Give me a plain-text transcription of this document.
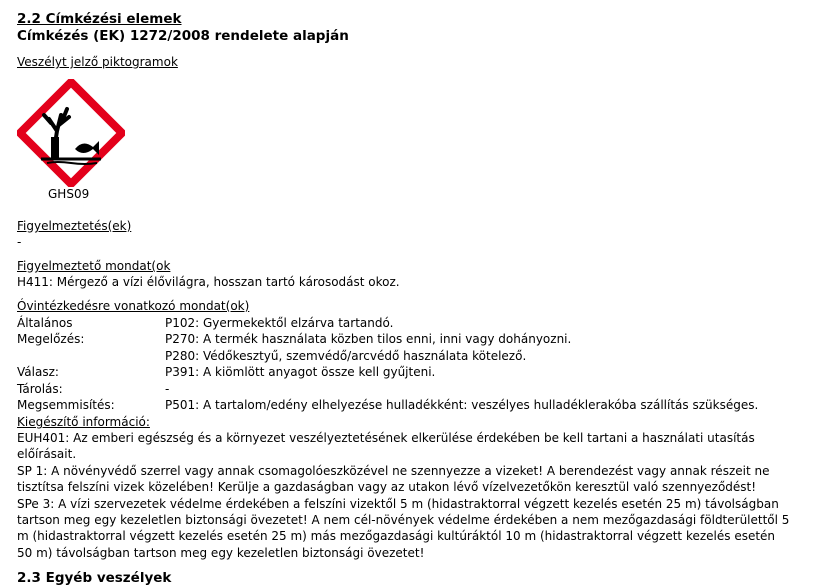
2.2 Címkézési elemek
Címkézés (EK) 1272/2008 rendelete alapján
Veszélyt jelző piktogramok
GHS09
Figyelmeztetés(ek)
-
Figyelmeztető mondat(ok
H411: Mérgező a vízi élővilágra, hosszan tartó károsodást okoz.
Óvintézkedésre vonatkozó mondat(ok)
Általános	P102: Gyermekektől elzárva tartandó.
Megelőzés:	P270: A termék használata közben tilos enni, inni vagy dohányozni.
P280: Védőkesztyű, szemvédő/arcvédő használata kötelező.
Válasz:	P391: A kiömlött anyagot össze kell gyűjteni.
Tárolás:	-
Megsemmisítés:	P501: A tartalom/edény elhelyezése hulladékként: veszélyes hulladéklerakóba szállítás szükséges.
Kiegészítő információ:
EUH401: Az emberi egészség és a környezet veszélyeztetésének elkerülése érdekében be kell tartani a használati utasítás előírásait.
SP 1: A növényvédő szerrel vagy annak csomagolóeszközével ne szennyezze a vizeket! A berendezést vagy annak részeit ne tisztítsa felszíni vizek közelében! Kerülje a gazdaságban vagy az utakon lévő vízelvezetőkön keresztül való szennyeződést!
SPe 3: A vízi szervezetek védelme érdekében a felszíni vizektől 5 m (hidastraktorral végzett kezelés esetén 25 m) távolságban tartson meg egy kezeletlen biztonsági övezetet! A nem cél-növények védelme érdekében a nem mezőgazdasági földterülettől 5 m (hidastraktorral végzett kezelés esetén 25 m) más mezőgazdasági kultúráktól 10 m (hidastraktorral végzett kezelés esetén 50 m) távolságban tartson meg egy kezeletlen biztonsági övezetet!
2.3 Egyéb veszélyek
